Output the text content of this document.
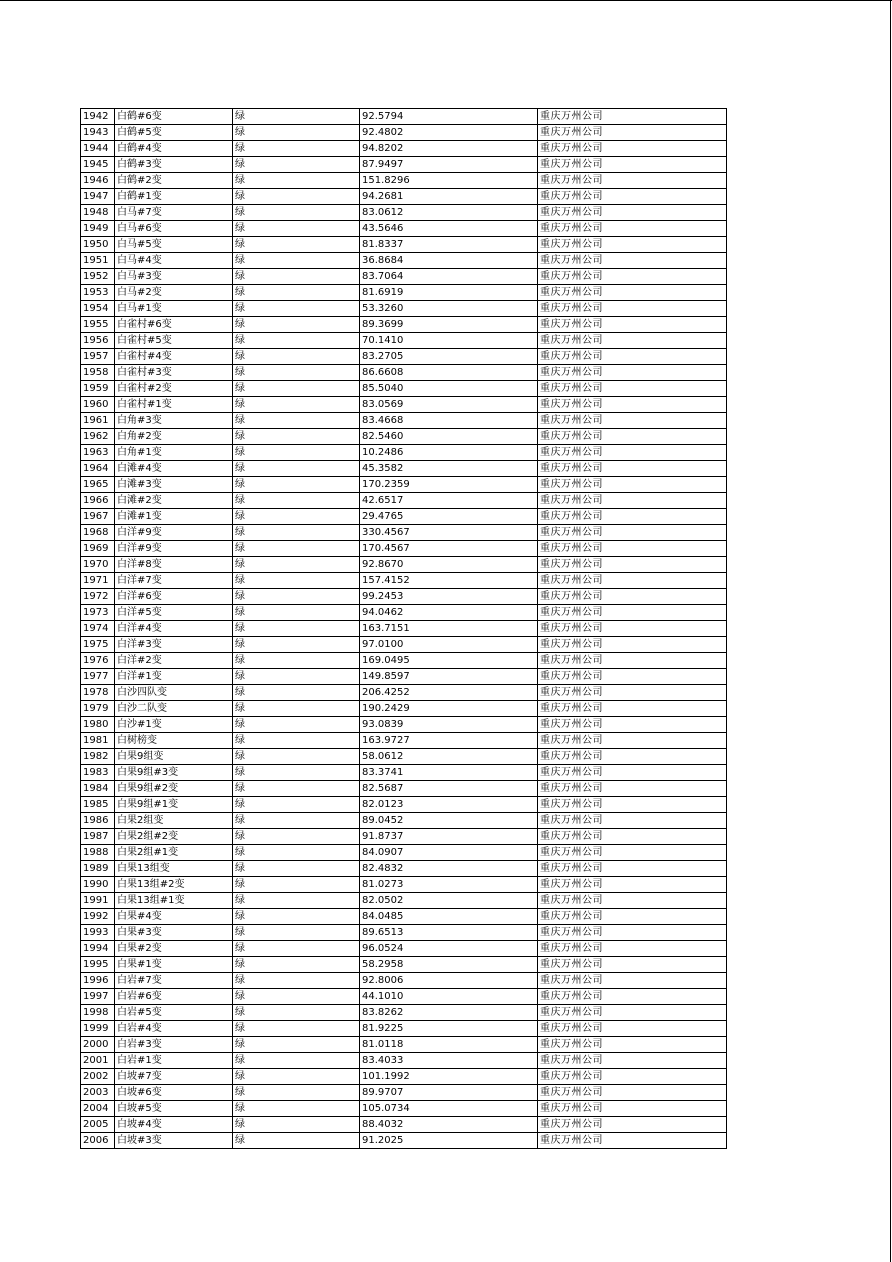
1942	白鹤#6变	绿	92.5794	重庆万州公司
1943	白鹤#5变	绿	92.4802	重庆万州公司
1944	白鹤#4变	绿	94.8202	重庆万州公司
1945	白鹤#3变	绿	87.9497	重庆万州公司
1946	白鹤#2变	绿	151.8296	重庆万州公司
1947	白鹤#1变	绿	94.2681	重庆万州公司
1948	白马#7变	绿	83.0612	重庆万州公司
1949	白马#6变	绿	43.5646	重庆万州公司
1950	白马#5变	绿	81.8337	重庆万州公司
1951	白马#4变	绿	36.8684	重庆万州公司
1952	白马#3变	绿	83.7064	重庆万州公司
1953	白马#2变	绿	81.6919	重庆万州公司
1954	白马#1变	绿	53.3260	重庆万州公司
1955	白雀村#6变	绿	89.3699	重庆万州公司
1956	白雀村#5变	绿	70.1410	重庆万州公司
1957	白雀村#4变	绿	83.2705	重庆万州公司
1958	白雀村#3变	绿	86.6608	重庆万州公司
1959	白雀村#2变	绿	85.5040	重庆万州公司
1960	白雀村#1变	绿	83.0569	重庆万州公司
1961	白角#3变	绿	83.4668	重庆万州公司
1962	白角#2变	绿	82.5460	重庆万州公司
1963	白角#1变	绿	10.2486	重庆万州公司
1964	白滩#4变	绿	45.3582	重庆万州公司
1965	白滩#3变	绿	170.2359	重庆万州公司
1966	白滩#2变	绿	42.6517	重庆万州公司
1967	白滩#1变	绿	29.4765	重庆万州公司
1968	白洋#9变	绿	330.4567	重庆万州公司
1969	白洋#9变	绿	170.4567	重庆万州公司
1970	白洋#8变	绿	92.8670	重庆万州公司
1971	白洋#7变	绿	157.4152	重庆万州公司
1972	白洋#6变	绿	99.2453	重庆万州公司
1973	白洋#5变	绿	94.0462	重庆万州公司
1974	白洋#4变	绿	163.7151	重庆万州公司
1975	白洋#3变	绿	97.0100	重庆万州公司
1976	白洋#2变	绿	169.0495	重庆万州公司
1977	白洋#1变	绿	149.8597	重庆万州公司
1978	白沙四队变	绿	206.4252	重庆万州公司
1979	白沙二队变	绿	190.2429	重庆万州公司
1980	白沙#1变	绿	93.0839	重庆万州公司
1981	白树榜变	绿	163.9727	重庆万州公司
1982	白果9组变	绿	58.0612	重庆万州公司
1983	白果9组#3变	绿	83.3741	重庆万州公司
1984	白果9组#2变	绿	82.5687	重庆万州公司
1985	白果9组#1变	绿	82.0123	重庆万州公司
1986	白果2组变	绿	89.0452	重庆万州公司
1987	白果2组#2变	绿	91.8737	重庆万州公司
1988	白果2组#1变	绿	84.0907	重庆万州公司
1989	白果13组变	绿	82.4832	重庆万州公司
1990	白果13组#2变	绿	81.0273	重庆万州公司
1991	白果13组#1变	绿	82.0502	重庆万州公司
1992	白果#4变	绿	84.0485	重庆万州公司
1993	白果#3变	绿	89.6513	重庆万州公司
1994	白果#2变	绿	96.0524	重庆万州公司
1995	白果#1变	绿	58.2958	重庆万州公司
1996	白岩#7变	绿	92.8006	重庆万州公司
1997	白岩#6变	绿	44.1010	重庆万州公司
1998	白岩#5变	绿	83.8262	重庆万州公司
1999	白岩#4变	绿	81.9225	重庆万州公司
2000	白岩#3变	绿	81.0118	重庆万州公司
2001	白岩#1变	绿	83.4033	重庆万州公司
2002	白坡#7变	绿	101.1992	重庆万州公司
2003	白坡#6变	绿	89.9707	重庆万州公司
2004	白坡#5变	绿	105.0734	重庆万州公司
2005	白坡#4变	绿	88.4032	重庆万州公司
2006	白坡#3变	绿	91.2025	重庆万州公司
